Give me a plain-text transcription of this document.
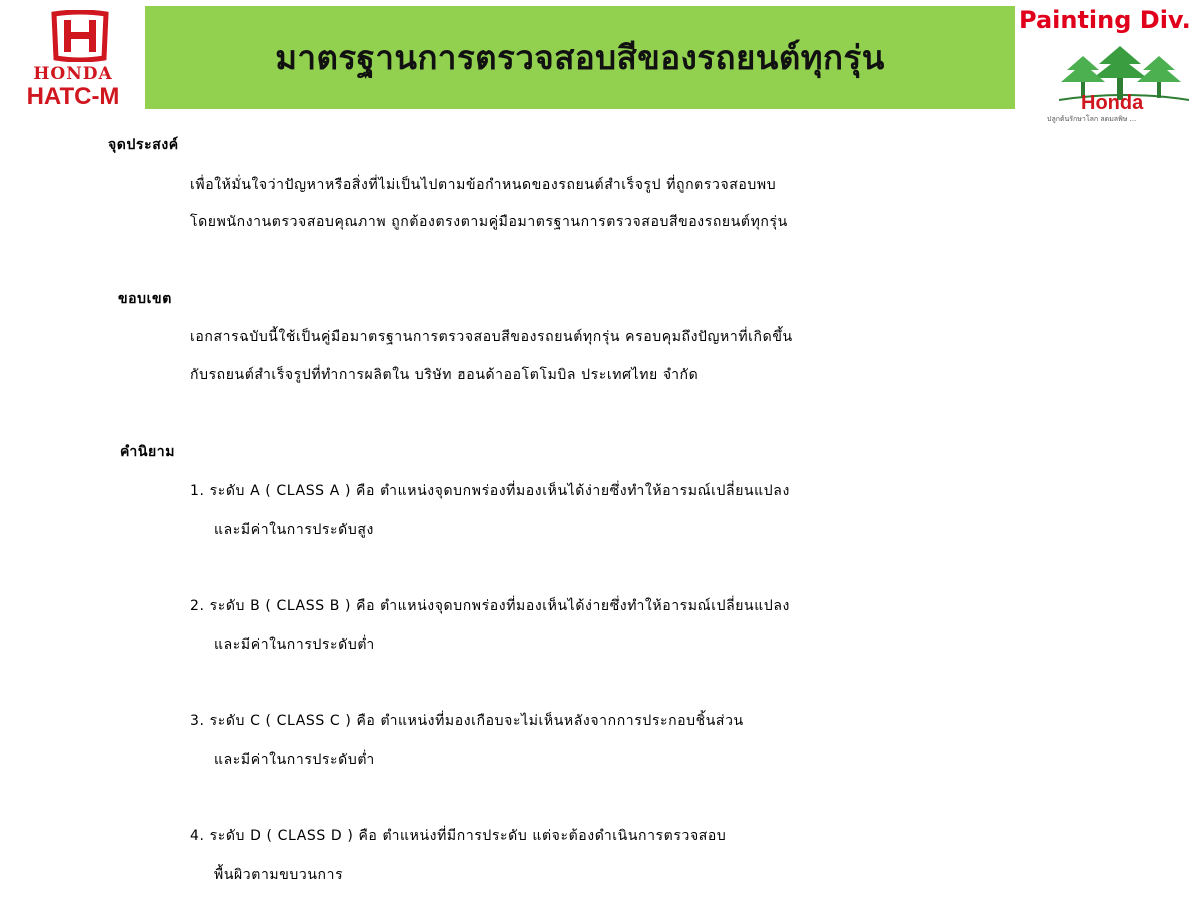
HONDA
HATC-M
มาตรฐานการตรวจสอบสีของรถยนต์ทุกรุ่น
Painting Div.
Honda
ปลูกต้นรักษาโลก ลดมลพิษ ...
จุดประสงค์
เพื่อให้มั่นใจว่าปัญหาหรือสิ่งที่ไม่เป็นไปตามข้อกำหนดของรถยนต์สำเร็จรูป ที่ถูกตรวจสอบพบ
โดยพนักงานตรวจสอบคุณภาพ ถูกต้องตรงตามคู่มือมาตรฐานการตรวจสอบสีของรถยนต์ทุกรุ่น
ขอบเขต
เอกสารฉบับนี้ใช้เป็นคู่มือมาตรฐานการตรวจสอบสีของรถยนต์ทุกรุ่น ครอบคุมถึงปัญหาที่เกิดขึ้น
กับรถยนต์สำเร็จรูปที่ทำการผลิตใน บริษัท ฮอนด้าออโตโมบิล ประเทศไทย จำกัด
คำนิยาม
1. ระดับ A ( CLASS A ) คือ ตำแหน่งจุดบกพร่องที่มองเห็นได้ง่ายซึ่งทำให้อารมณ์เปลี่ยนแปลง
และมีค่าในการประดับสูง
2. ระดับ B ( CLASS B ) คือ ตำแหน่งจุดบกพร่องที่มองเห็นได้ง่ายซึ่งทำให้อารมณ์เปลี่ยนแปลง
และมีค่าในการประดับต่ำ
3. ระดับ C ( CLASS C ) คือ ตำแหน่งที่มองเกือบจะไม่เห็นหลังจากการประกอบชิ้นส่วน
และมีค่าในการประดับต่ำ
4. ระดับ D ( CLASS D ) คือ ตำแหน่งที่มีการประดับ แต่จะต้องดำเนินการตรวจสอบ
พื้นผิวตามขบวนการ
